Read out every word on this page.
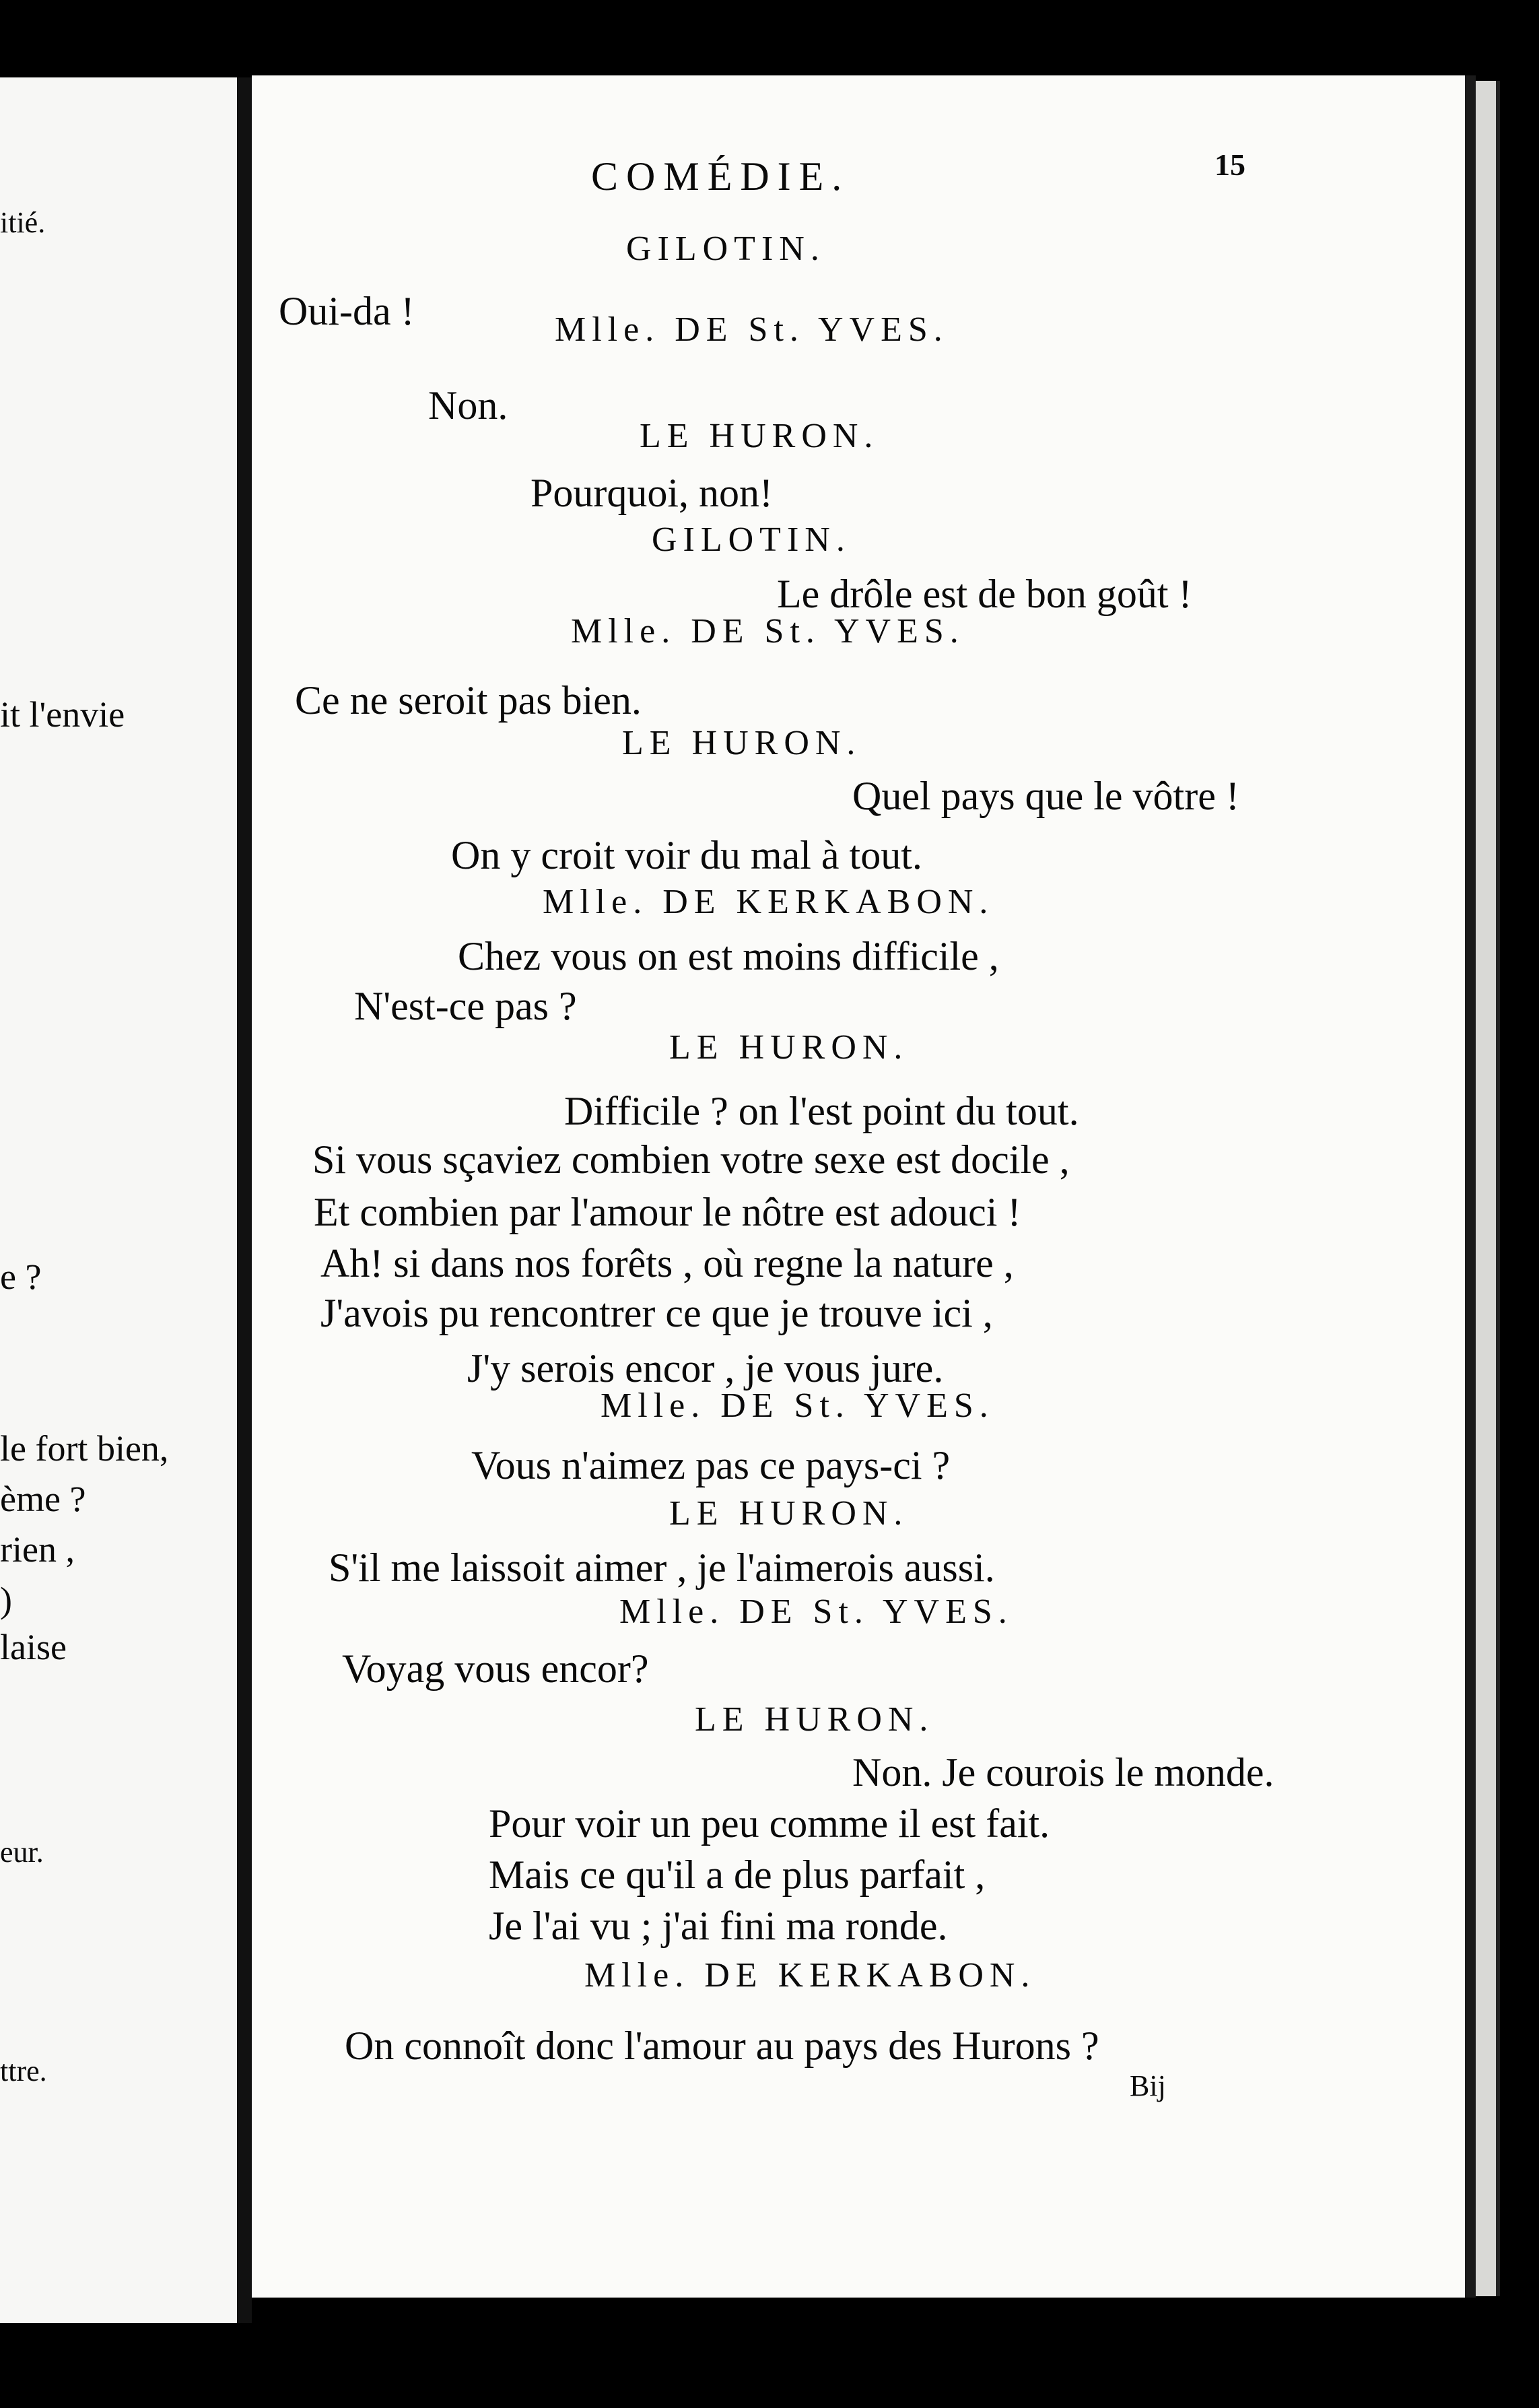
itié.
it l'envie
e ?
le fort bien,
ème ?
rien ,
)
laise
eur.
ttre.
COMÉDIE.	15
GILOTIN.
Oui-da !	Mlle. DE St. YVES.
Non.
LE HURON.
Pourquoi, non!
GILOTIN.
Le drôle est de bon goût !
Mlle. DE St. YVES.
Ce ne seroit pas bien.
LE HURON.
Quel pays que le vôtre !
On y croit voir du mal à tout.
Mlle. DE KERKABON.
Chez vous on est moins difficile ,
N'est-ce pas ?
LE HURON.
Difficile ? on l'est point du tout.
Si vous sçaviez combien votre sexe est docile ,
Et combien par l'amour le nôtre est adouci !
Ah! si dans nos forêts , où regne la nature ,
J'avois pu rencontrer ce que je trouve ici ,
J'y serois encor , je vous jure.
Mlle. DE St. YVES.
Vous n'aimez pas ce pays-ci ?
LE HURON.
S'il me laissoit aimer , je l'aimerois aussi.
Mlle. DE St. YVES.
Voyag vous encor?
LE HURON.
Non. Je courois le monde.
Pour voir un peu comme il est fait.
Mais ce qu'il a de plus parfait ,
Je l'ai vu ; j'ai fini ma ronde.
Mlle. DE KERKABON.
On connoît donc l'amour au pays des Hurons ?
Bij
